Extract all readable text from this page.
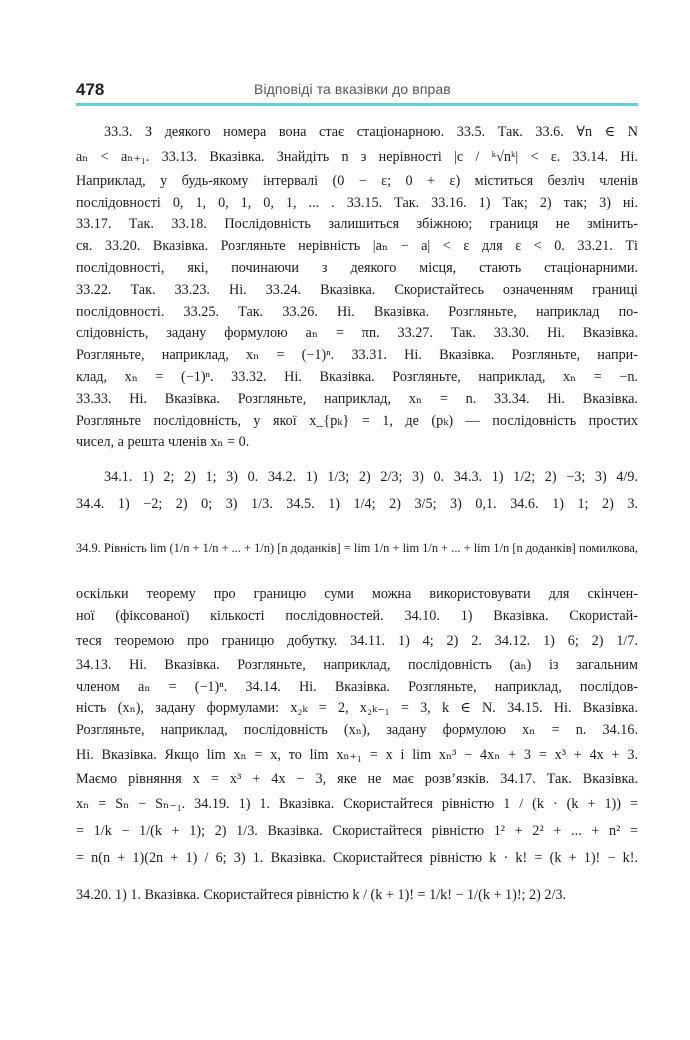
478	Відповіді та вказівки до вправ
33.3. З деякого номера вона стає стаціонарною. 33.5. Так. 33.6. ∀n ∈ N
aₙ < aₙ₊₁. 33.13. Вказівка. Знайдіть n з нерівності |c / ᵏ√nᵏ| < ε. 33.14. Ні.
Наприклад, у будь-якому інтервалі (0 − ε; 0 + ε) міститься безліч членів
послідовності 0, 1, 0, 1, 0, 1, ... . 33.15. Так. 33.16. 1) Так; 2) так; 3) ні.
33.17. Так. 33.18. Послідовність залишиться збіжною; границя не змінить-
ся. 33.20. Вказівка. Розгляньте нерівність |aₙ − a| < ε для ε < 0. 33.21. Ті
послідовності, які, починаючи з деякого місця, стають стаціонарними.
33.22. Так. 33.23. Ні. 33.24. Вказівка. Скористайтесь означенням границі
послідовності. 33.25. Так. 33.26. Ні. Вказівка. Розгляньте, наприклад по-
слідовність, задану формулою aₙ = πn. 33.27. Так. 33.30. Ні. Вказівка.
Розгляньте, наприклад, xₙ = (−1)ⁿ. 33.31. Ні. Вказівка. Розгляньте, напри-
клад, xₙ = (−1)ⁿ. 33.32. Ні. Вказівка. Розгляньте, наприклад, xₙ = −n.
33.33. Ні. Вказівка. Розгляньте, наприклад, xₙ = n. 33.34. Ні. Вказівка.
Розгляньте послідовність, у якої x_{pₖ} = 1, де (pₖ) — послідовність простих
чисел, а решта членів xₙ = 0.
34.1. 1) 2; 2) 1; 3) 0. 34.2. 1) 1/3; 2) 2/3; 3) 0. 34.3. 1) 1/2; 2) −3; 3) 4/9.
34.4. 1) −2; 2) 0; 3) 1/3. 34.5. 1) 1/4; 2) 3/5; 3) 0,1. 34.6. 1) 1; 2) 3.
34.9. Рівність lim (1/n + 1/n + ... + 1/n) [n доданків] = lim 1/n + lim 1/n + ... + lim 1/n [n доданків] помилкова,
оскільки теорему про границю суми можна використовувати для скінчен-
ної (фіксованої) кількості послідовностей. 34.10. 1) Вказівка. Скористай-
теся теоремою про границю добутку. 34.11. 1) 4; 2) 2. 34.12. 1) 6; 2) 1/7.
34.13. Ні. Вказівка. Розгляньте, наприклад, послідовність (aₙ) із загальним
членом aₙ = (−1)ⁿ. 34.14. Ні. Вказівка. Розгляньте, наприклад, послідов-
ність (xₙ), задану формулами: x₂ₖ = 2, x₂ₖ₋₁ = 3, k ∈ N. 34.15. Ні. Вказівка.
Розгляньте, наприклад, послідовність (xₙ), задану формулою xₙ = n. 34.16.
Ні. Вказівка. Якщо lim xₙ = x, то lim xₙ₊₁ = x і lim xₙ³ − 4xₙ + 3 = x³ + 4x + 3.
Маємо рівняння x = x³ + 4x − 3, яке не має розв’язків. 34.17. Так. Вказівка.
xₙ = Sₙ − Sₙ₋₁. 34.19. 1) 1. Вказівка. Скористайтеся рівністю 1 / (k · (k + 1)) =
= 1/k − 1/(k + 1); 2) 1/3. Вказівка. Скористайтеся рівністю 1² + 2² + ... + n² =
= n(n + 1)(2n + 1) / 6; 3) 1. Вказівка. Скористайтеся рівністю k · k! = (k + 1)! − k!.
34.20. 1) 1. Вказівка. Скористайтеся рівністю k / (k + 1)! = 1/k! − 1/(k + 1)!; 2) 2/3.
